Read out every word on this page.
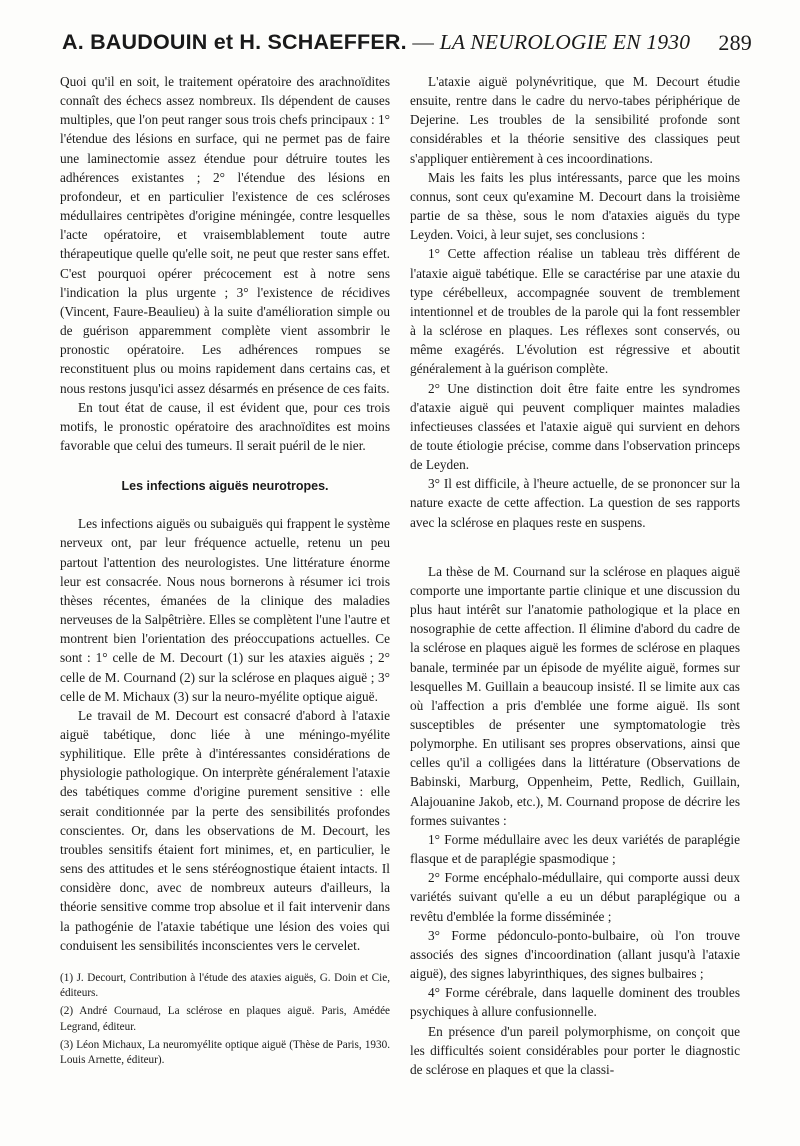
A. BAUDOUIN et H. SCHAEFFER. — LA NEUROLOGIE EN 1930 289

Quoi qu'il en soit, le traitement opératoire des arachnoïdites connaît des échecs assez nombreux. Ils dépendent de causes multiples, que l'on peut ranger sous trois chefs principaux : 1° l'étendue des lésions en surface, qui ne permet pas de faire une laminectomie assez étendue pour détruire toutes les adhérences existantes ; 2° l'étendue des lésions en profondeur, et en particulier l'existence de ces scléroses médullaires centripètes d'origine méningée, contre lesquelles l'acte opératoire, et vraisemblablement toute autre thérapeutique quelle qu'elle soit, ne peut que rester sans effet. C'est pourquoi opérer précocement est à notre sens l'indication la plus urgente ; 3° l'existence de récidives (Vincent, Faure-Beaulieu) à la suite d'amélioration simple ou de guérison apparemment complète vient assombrir le pronostic opératoire. Les adhérences rompues se reconstituent plus ou moins rapidement dans certains cas, et nous restons jusqu'ici assez désarmés en présence de ces faits.

En tout état de cause, il est évident que, pour ces trois motifs, le pronostic opératoire des arachnoïdites est moins favorable que celui des tumeurs. Il serait puéril de le nier.

Les infections aiguës neurotropes.

Les infections aiguës ou subaiguës qui frappent le système nerveux ont, par leur fréquence actuelle, retenu un peu partout l'attention des neurologistes. Une littérature énorme leur est consacrée. Nous nous bornerons à résumer ici trois thèses récentes, émanées de la clinique des maladies nerveuses de la Salpêtrière. Elles se complètent l'une l'autre et montrent bien l'orientation des préoccupations actuelles. Ce sont : 1° celle de M. Decourt (1) sur les ataxies aiguës ; 2° celle de M. Cournand (2) sur la sclérose en plaques aiguë ; 3° celle de M. Michaux (3) sur la neuro-myélite optique aiguë.

Le travail de M. Decourt est consacré d'abord à l'ataxie aiguë tabétique, donc liée à une méningo-myélite syphilitique. Elle prête à d'intéressantes considérations de physiologie pathologique. On interprète généralement l'ataxie des tabétiques comme d'origine purement sensitive : elle serait conditionnée par la perte des sensibilités profondes conscientes. Or, dans les observations de M. Decourt, les troubles sensitifs étaient fort minimes, et, en particulier, le sens des attitudes et le sens stéréognostique étaient intacts. Il considère donc, avec de nombreux auteurs d'ailleurs, la théorie sensitive comme trop absolue et il fait intervenir dans la pathogénie de l'ataxie tabétique une lésion des voies qui conduisent les sensibilités inconscientes vers le cervelet.

(1) J. Decourt, Contribution à l'étude des ataxies aiguës, G. Doin et Cie, éditeurs.

(2) André Cournaud, La sclérose en plaques aiguë. Paris, Amédée Legrand, éditeur.

(3) Léon Michaux, La neuromyélite optique aiguë (Thèse de Paris, 1930. Louis Arnette, éditeur).

L'ataxie aiguë polynévritique, que M. Decourt étudie ensuite, rentre dans le cadre du nervo-tabes périphérique de Dejerine. Les troubles de la sensibilité profonde sont considérables et la théorie sensitive des classiques peut s'appliquer entièrement à ces incoordinations.

Mais les faits les plus intéressants, parce que les moins connus, sont ceux qu'examine M. Decourt dans la troisième partie de sa thèse, sous le nom d'ataxies aiguës du type Leyden. Voici, à leur sujet, ses conclusions :

1° Cette affection réalise un tableau très différent de l'ataxie aiguë tabétique. Elle se caractérise par une ataxie du type cérébelleux, accompagnée souvent de tremblement intentionnel et de troubles de la parole qui la font ressembler à la sclérose en plaques. Les réflexes sont conservés, ou même exagérés. L'évolution est régressive et aboutit généralement à la guérison complète.

2° Une distinction doit être faite entre les syndromes d'ataxie aiguë qui peuvent compliquer maintes maladies infectieuses classées et l'ataxie aiguë qui survient en dehors de toute étiologie précise, comme dans l'observation princeps de Leyden.

3° Il est difficile, à l'heure actuelle, de se prononcer sur la nature exacte de cette affection. La question de ses rapports avec la sclérose en plaques reste en suspens.

La thèse de M. Cournand sur la sclérose en plaques aiguë comporte une importante partie clinique et une discussion du plus haut intérêt sur l'anatomie pathologique et la place en nosographie de cette affection. Il élimine d'abord du cadre de la sclérose en plaques aiguë les formes de sclérose en plaques banale, terminée par un épisode de myélite aiguë, formes sur lesquelles M. Guillain a beaucoup insisté. Il se limite aux cas où l'affection a pris d'emblée une forme aiguë. Ils sont susceptibles de présenter une symptomatologie très polymorphe. En utilisant ses propres observations, ainsi que celles qu'il a colligées dans la littérature (Observations de Babinski, Marburg, Oppenheim, Pette, Redlich, Guillain, Alajouanine Jakob, etc.), M. Cournand propose de décrire les formes suivantes :

1° Forme médullaire avec les deux variétés de paraplégie flasque et de paraplégie spasmodique ;

2° Forme encéphalo-médullaire, qui comporte aussi deux variétés suivant qu'elle a eu un début paraplégique ou a revêtu d'emblée la forme disséminée ;

3° Forme pédonculo-ponto-bulbaire, où l'on trouve associés des signes d'incoordination (allant jusqu'à l'ataxie aiguë), des signes labyrinthiques, des signes bulbaires ;

4° Forme cérébrale, dans laquelle dominent des troubles psychiques à allure confusionnelle.

En présence d'un pareil polymorphisme, on conçoit que les difficultés soient considérables pour porter le diagnostic de sclérose en plaques et que la classi-
